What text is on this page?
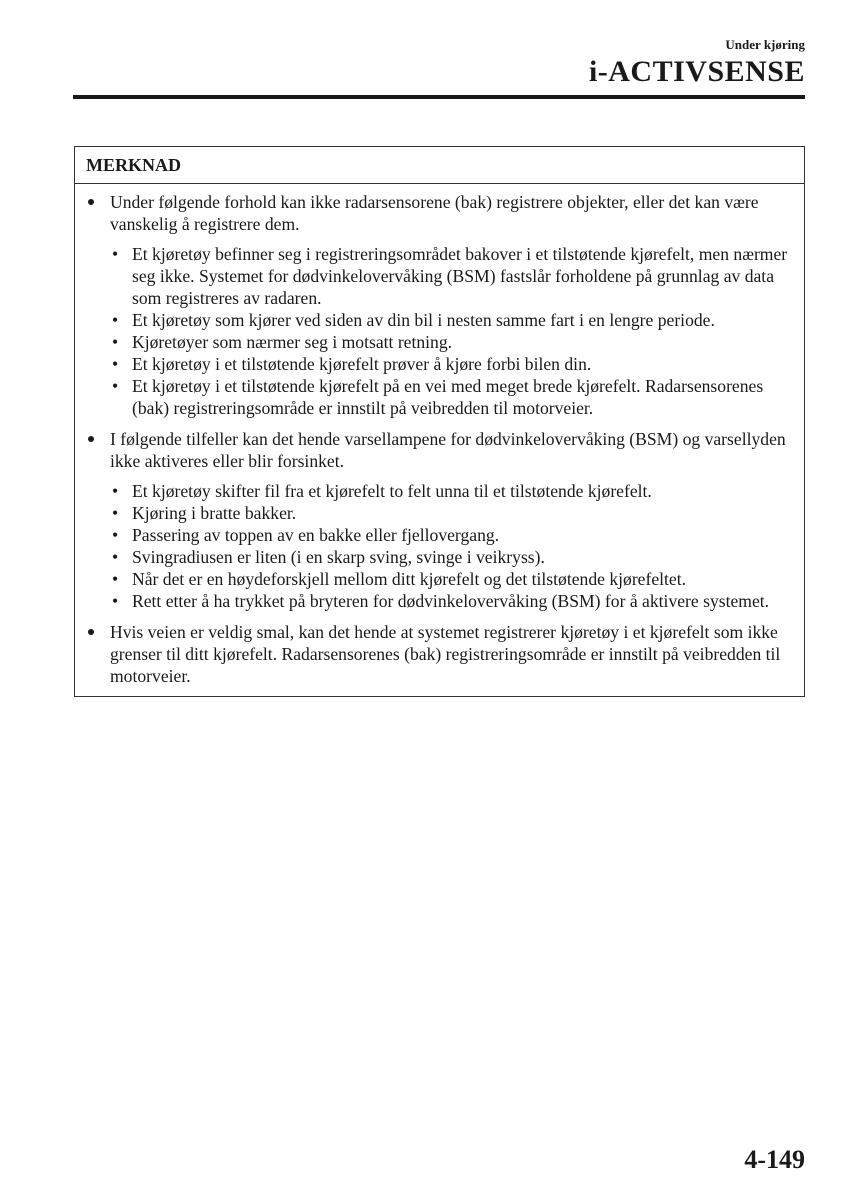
Under kjøring
i-ACTIVSENSE
MERKNAD
Under følgende forhold kan ikke radarsensorene (bak) registrere objekter, eller det kan være vanskelig å registrere dem.
• Et kjøretøy befinner seg i registreringsområdet bakover i et tilstøtende kjørefelt, men nærmer seg ikke. Systemet for dødvinkelovervåking (BSM) fastslår forholdene på grunnlag av data som registreres av radaren.
• Et kjøretøy som kjører ved siden av din bil i nesten samme fart i en lengre periode.
• Kjøretøyer som nærmer seg i motsatt retning.
• Et kjøretøy i et tilstøtende kjørefelt prøver å kjøre forbi bilen din.
• Et kjøretøy i et tilstøtende kjørefelt på en vei med meget brede kjørefelt. Radarsensorenes (bak) registreringsområde er innstilt på veibredden til motorveier.
I følgende tilfeller kan det hende varsellampene for dødvinkelovervåking (BSM) og varsellyden ikke aktiveres eller blir forsinket.
• Et kjøretøy skifter fil fra et kjørefelt to felt unna til et tilstøtende kjørefelt.
• Kjøring i bratte bakker.
• Passering av toppen av en bakke eller fjellovergang.
• Svingradiusen er liten (i en skarp sving, svinge i veikryss).
• Når det er en høydeforskjell mellom ditt kjørefelt og det tilstøtende kjørefeltet.
• Rett etter å ha trykket på bryteren for dødvinkelovervåking (BSM) for å aktivere systemet.
Hvis veien er veldig smal, kan det hende at systemet registrerer kjøretøy i et kjørefelt som ikke grenser til ditt kjørefelt. Radarsensorenes (bak) registreringsområde er innstilt på veibredden til motorveier.
4-149
